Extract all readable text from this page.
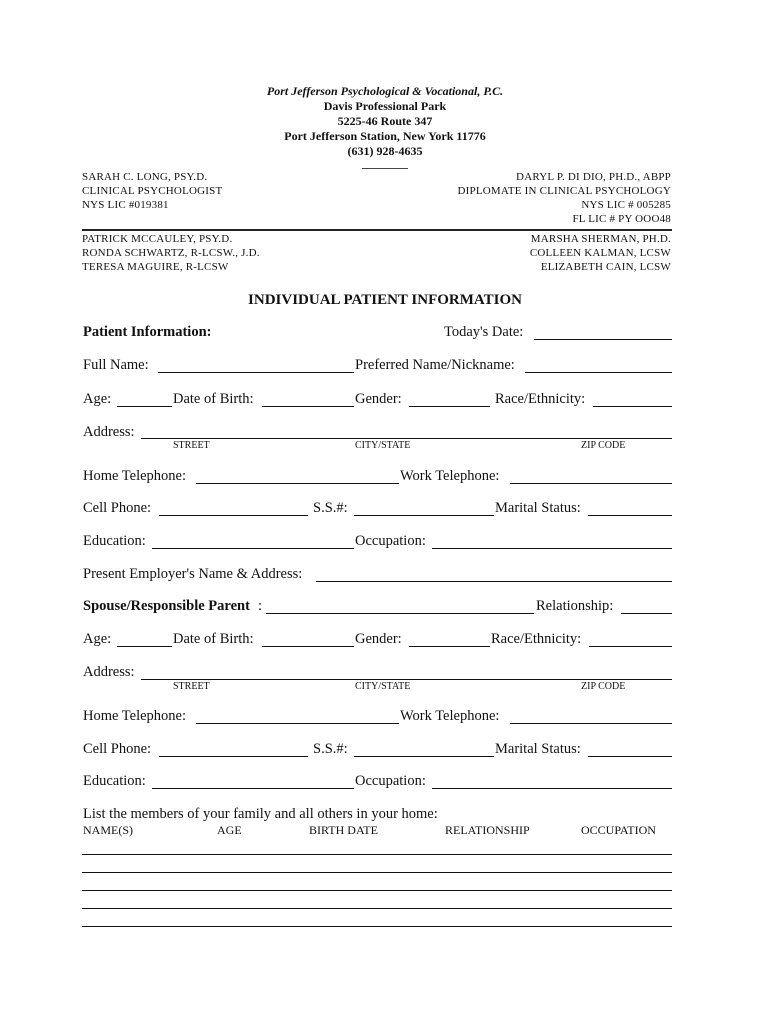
Port Jefferson Psychological & Vocational, P.C.
Davis Professional Park
5225-46 Route 347
Port Jefferson Station, New York 11776
(631) 928-4635
SARAH C. LONG, PSY.D.
CLINICAL PSYCHOLOGIST
NYS LIC #019381
DARYL P. DI DIO, PH.D., ABPP
DIPLOMATE IN CLINICAL PSYCHOLOGY
NYS LIC # 005285
FL LIC # PY OOO48
PATRICK MCCAULEY, PSY.D.
RONDA SCHWARTZ, R-LCSW., J.D.
TERESA MAGUIRE, R-LCSW
MARSHA SHERMAN, PH.D.
COLLEEN KALMAN, LCSW
ELIZABETH CAIN, LCSW
INDIVIDUAL PATIENT INFORMATION
Patient Information:	Today's Date:
Full Name:	Preferred Name/Nickname:
Age:	Date of Birth:	Gender:	Race/Ethnicity:
Address:
STREET	CITY/STATE	ZIP CODE
Home Telephone:	Work Telephone:
Cell Phone:	S.S.#:	Marital Status:
Education:	Occupation:
Present Employer's Name & Address:
Spouse/Responsible Parent :	Relationship:
Age:	Date of Birth:	Gender:	Race/Ethnicity:
Address:
STREET	CITY/STATE	ZIP CODE
Home Telephone:	Work Telephone:
Cell Phone:	S.S.#:	Marital Status:
Education:	Occupation:
List the members of your family and all others in your home:
NAME(S)	AGE	BIRTH DATE	RELATIONSHIP	OCCUPATION
